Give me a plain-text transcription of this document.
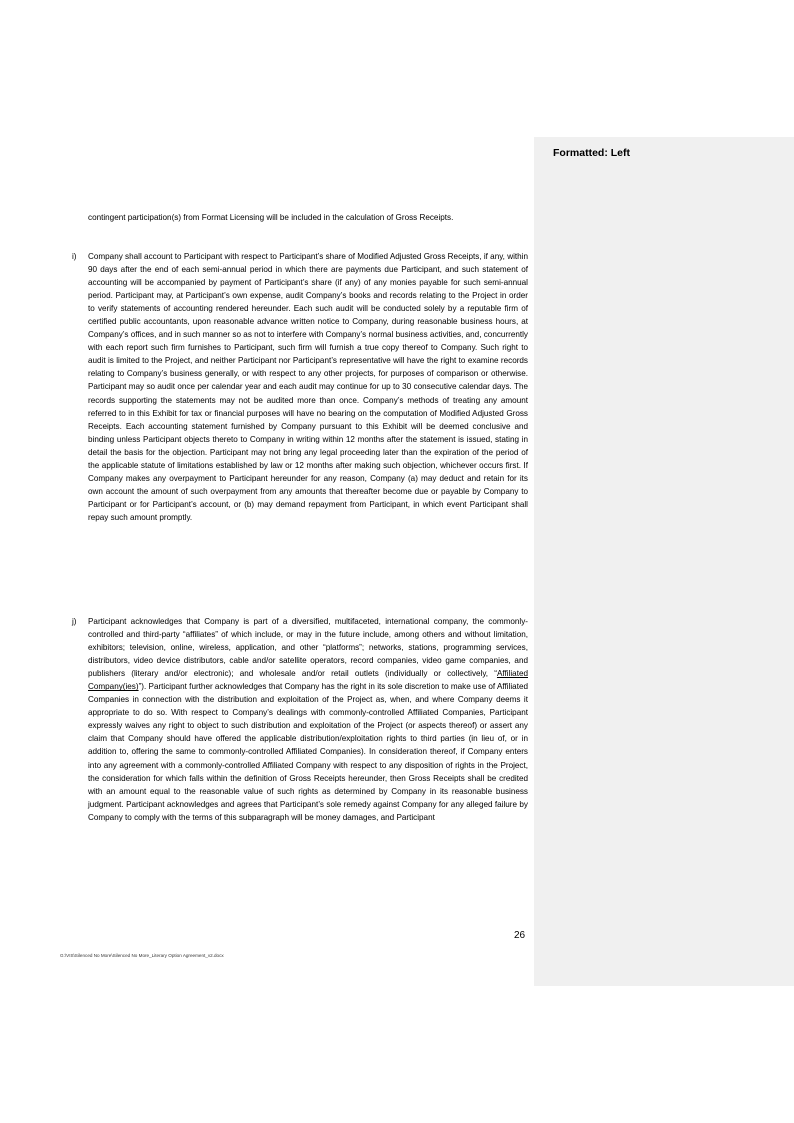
contingent participation(s) from Format Licensing will be included in the calculation of Gross Receipts.

i) Company shall account to Participant with respect to Participant’s share of Modified Adjusted Gross Receipts, if any, within 90 days after the end of each semi-annual period in which there are payments due Participant, and such statement of accounting will be accompanied by payment of Participant’s share (if any) of any monies payable for such semi-annual period. Participant may, at Participant’s own expense, audit Company’s books and records relating to the Project in order to verify statements of accounting rendered hereunder. Each such audit will be conducted solely by a reputable firm of certified public accountants, upon reasonable advance written notice to Company, during reasonable business hours, at Company’s offices, and in such manner so as not to interfere with Company’s normal business activities, and, concurrently with each report such firm furnishes to Participant, such firm will furnish a true copy thereof to Company. Such right to audit is limited to the Project, and neither Participant nor Participant’s representative will have the right to examine records relating to Company’s business generally, or with respect to any other projects, for purposes of comparison or otherwise. Participant may so audit once per calendar year and each audit may continue for up to 30 consecutive calendar days. The records supporting the statements may not be audited more than once. Company’s methods of treating any amount referred to in this Exhibit for tax or financial purposes will have no bearing on the computation of Modified Adjusted Gross Receipts. Each accounting statement furnished by Company pursuant to this Exhibit will be deemed conclusive and binding unless Participant objects thereto to Company in writing within 12 months after the statement is issued, stating in detail the basis for the objection. Participant may not bring any legal proceeding later than the expiration of the period of the applicable statute of limitations established by law or 12 months after making such objection, whichever occurs first. If Company makes any overpayment to Participant hereunder for any reason, Company (a) may deduct and retain for its own account the amount of such overpayment from any amounts that thereafter become due or payable by Company to Participant or for Participant’s account, or (b) may demand repayment from Participant, in which event Participant shall repay such amount promptly.

j) Participant acknowledges that Company is part of a diversified, multifaceted, international company, the commonly-controlled and third-party “affiliates” of which include, or may in the future include, among others and without limitation, exhibitors; television, online, wireless, application, and other “platforms”; networks, stations, programming services, distributors, video device distributors, cable and/or satellite operators, record companies, video game companies, and publishers (literary and/or electronic); and wholesale and/or retail outlets (individually or collectively, “Affiliated Company(ies)”). Participant further acknowledges that Company has the right in its sole discretion to make use of Affiliated Companies in connection with the distribution and exploitation of the Project as, when, and where Company deems it appropriate to do so. With respect to Company’s dealings with commonly-controlled Affiliated Companies, Participant expressly waives any right to object to such distribution and exploitation of the Project (or aspects thereof) or assert any claim that Company should have offered the applicable distribution/exploitation rights to third parties (in lieu of, or in addition to, offering the same to commonly-controlled Affiliated Companies). In consideration thereof, if Company enters into any agreement with a commonly-controlled Affiliated Company with respect to any disposition of rights in the Project, the consideration for which falls within the definition of Gross Receipts hereunder, then Gross Receipts shall be credited with an amount equal to the reasonable value of such rights as determined by Company in its reasonable business judgment. Participant acknowledges and agrees that Participant’s sole remedy against Company for any alleged failure by Company to comply with the terms of this subparagraph will be money damages, and Participant

26
G:\VIS\Silenced No More\Silenced No More_Literary Option Agreement_v2.docx
Formatted: Left
